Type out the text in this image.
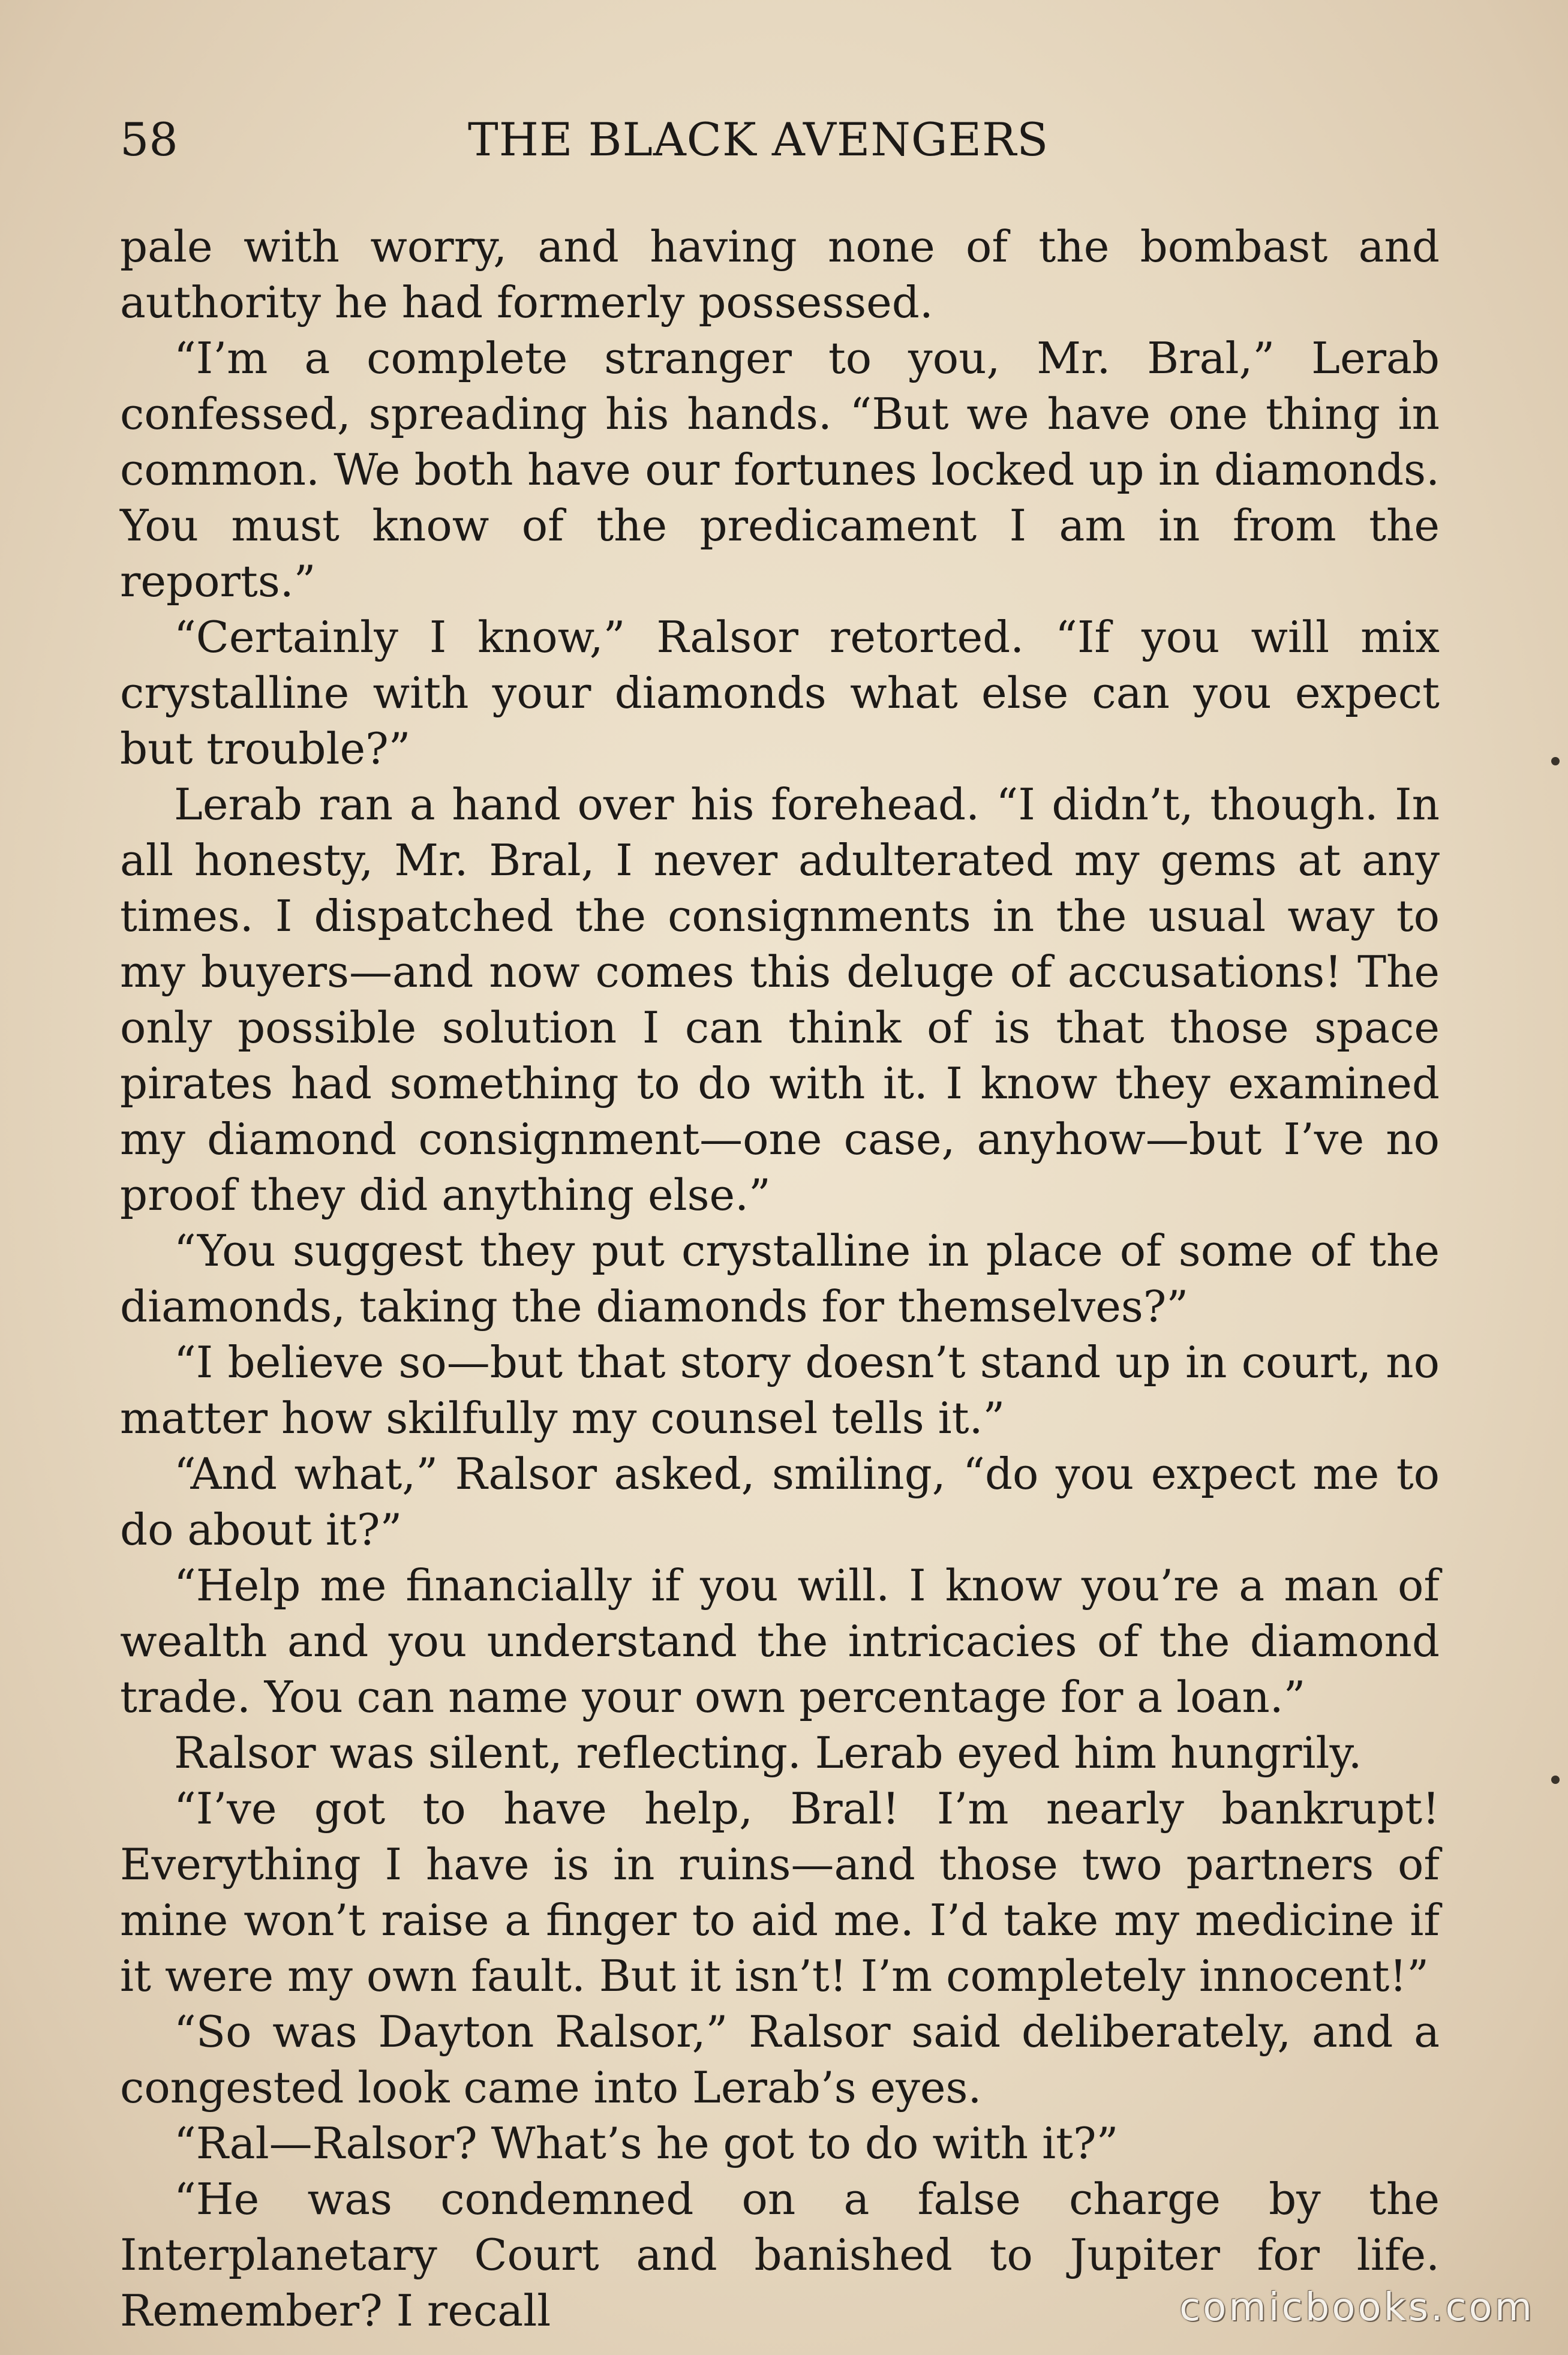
58	THE BLACK AVENGERS

pale with worry, and having none of the bombast and authority he had formerly possessed.

“I’m a complete stranger to you, Mr. Bral,” Lerab confessed, spreading his hands. “But we have one thing in common. We both have our fortunes locked up in diamonds. You must know of the predicament I am in from the reports.”

“Certainly I know,” Ralsor retorted. “If you will mix crystalline with your diamonds what else can you expect but trouble?”

Lerab ran a hand over his forehead. “I didn’t, though. In all honesty, Mr. Bral, I never adulterated my gems at any times. I dispatched the consignments in the usual way to my buyers—and now comes this deluge of accusations! The only possible solution I can think of is that those space pirates had something to do with it. I know they examined my diamond consignment—one case, anyhow—but I’ve no proof they did anything else.”

“You suggest they put crystalline in place of some of the diamonds, taking the diamonds for themselves?”

“I believe so—but that story doesn’t stand up in court, no matter how skilfully my counsel tells it.”

“And what,” Ralsor asked, smiling, “do you expect me to do about it?”

“Help me financially if you will. I know you’re a man of wealth and you understand the intricacies of the diamond trade. You can name your own percentage for a loan.”

Ralsor was silent, reflecting. Lerab eyed him hungrily.

“I’ve got to have help, Bral! I’m nearly bankrupt! Everything I have is in ruins—and those two partners of mine won’t raise a finger to aid me. I’d take my medicine if it were my own fault. But it isn’t! I’m completely innocent!”

“So was Dayton Ralsor,” Ralsor said deliberately, and a congested look came into Lerab’s eyes.

“Ral—Ralsor? What’s he got to do with it?”

“He was condemned on a false charge by the Interplanetary Court and banished to Jupiter for life. Remember? I recall	comicbooks.com
